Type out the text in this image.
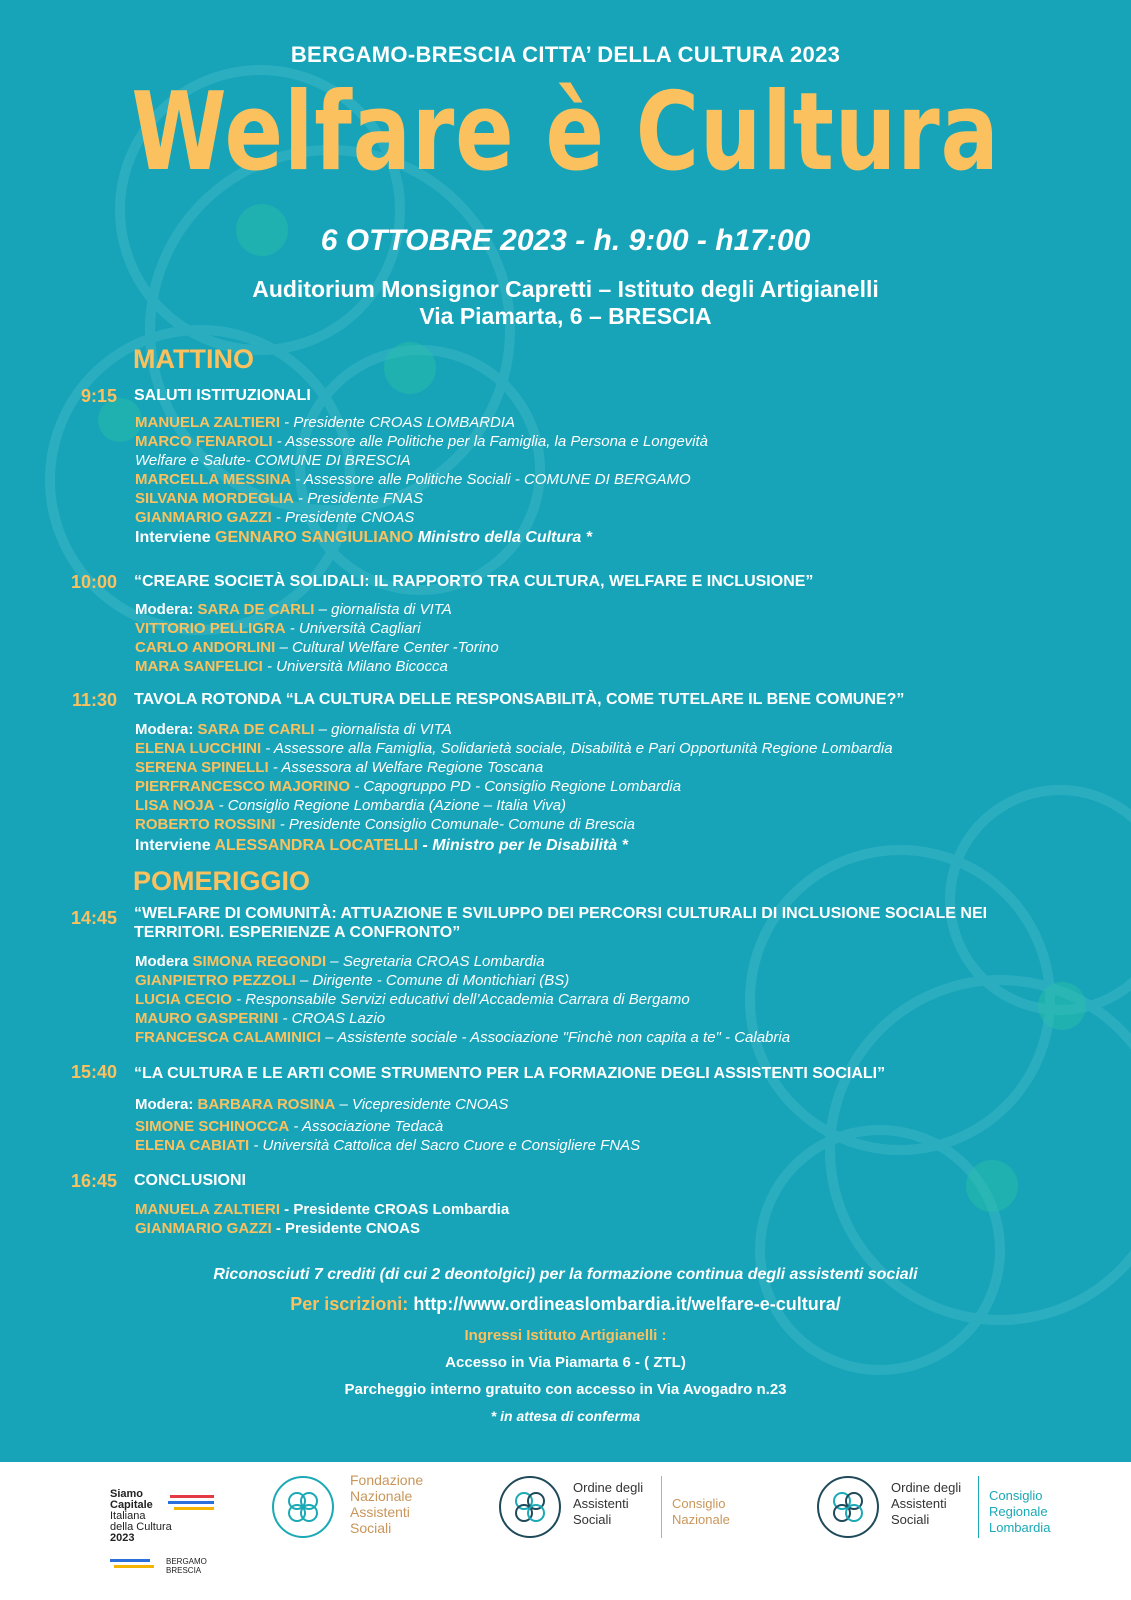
BERGAMO-BRESCIA CITTA’ DELLA CULTURA 2023
Welfare è Cultura
6 OTTOBRE 2023 - h. 9:00 - h17:00
Auditorium Monsignor Capretti – Istituto degli Artigianelli
Via Piamarta, 6 – BRESCIA
MATTINO
9:15 SALUTI ISTITUZIONALI
MANUELA ZALTIERI - Presidente CROAS LOMBARDIA
MARCO FENAROLI - Assessore alle Politiche per la Famiglia, la Persona e Longevità
Welfare e Salute- COMUNE DI BRESCIA
MARCELLA MESSINA - Assessore alle Politiche Sociali - COMUNE DI BERGAMO
SILVANA MORDEGLIA - Presidente FNAS
GIANMARIO GAZZI - Presidente CNOAS
Interviene GENNARO SANGIULIANO Ministro della Cultura *
10:00 “CREARE SOCIETÀ SOLIDALI: IL RAPPORTO TRA CULTURA, WELFARE E INCLUSIONE”
Modera: SARA DE CARLI – giornalista di VITA
VITTORIO PELLIGRA - Università Cagliari
CARLO ANDORLINI – Cultural Welfare Center -Torino
MARA SANFELICI - Università Milano Bicocca
11:30 TAVOLA ROTONDA “LA CULTURA DELLE RESPONSABILITÀ, COME TUTELARE IL BENE COMUNE?”
Modera: SARA DE CARLI – giornalista di VITA
ELENA LUCCHINI - Assessore alla Famiglia, Solidarietà sociale, Disabilità e Pari Opportunità Regione Lombardia
SERENA SPINELLI - Assessora al Welfare Regione Toscana
PIERFRANCESCO MAJORINO - Capogruppo PD - Consiglio Regione Lombardia
LISA NOJA - Consiglio Regione Lombardia (Azione – Italia Viva)
ROBERTO ROSSINI - Presidente Consiglio Comunale- Comune di Brescia
Interviene ALESSANDRA LOCATELLI - Ministro per le Disabilità *
POMERIGGIO
14:45 “WELFARE DI COMUNITÀ: ATTUAZIONE E SVILUPPO DEI PERCORSI CULTURALI DI INCLUSIONE SOCIALE NEI TERRITORI. ESPERIENZE A CONFRONTO”
Modera SIMONA REGONDI – Segretaria CROAS Lombardia
GIANPIETRO PEZZOLI – Dirigente - Comune di Montichiari (BS)
LUCIA CECIO - Responsabile Servizi educativi dell’Accademia Carrara di Bergamo
MAURO GASPERINI - CROAS Lazio
FRANCESCA CALAMINICI – Assistente sociale - Associazione "Finchè non capita a te" - Calabria
15:40 “LA CULTURA E LE ARTI COME STRUMENTO PER LA FORMAZIONE DEGLI ASSISTENTI SOCIALI”
Modera: BARBARA ROSINA – Vicepresidente CNOAS
SIMONE SCHINOCCA - Associazione Tedacà
ELENA CABIATI - Università Cattolica del Sacro Cuore e Consigliere FNAS
16:45 CONCLUSIONI
MANUELA ZALTIERI - Presidente CROAS Lombardia
GIANMARIO GAZZI - Presidente CNOAS
Riconosciuti 7 crediti (di cui 2 deontolgici) per la formazione continua degli assistenti sociali
Per iscrizioni: http://www.ordineaslombardia.it/welfare-e-cultura/
Ingressi Istituto Artigianelli :
Accesso in Via Piamarta 6 - ( ZTL)
Parcheggio interno gratuito con accesso in Via Avogadro n.23
* in attesa di conferma
Siamo
Capitale
Italiana
della Cultura
2023
BERGAMO
BRESCIA
Fondazione
Nazionale
Assistenti
Sociali
Ordine degli
Assistenti
Sociali
Consiglio
Nazionale
Ordine degli
Assistenti
Sociali
Consiglio
Regionale
Lombardia
